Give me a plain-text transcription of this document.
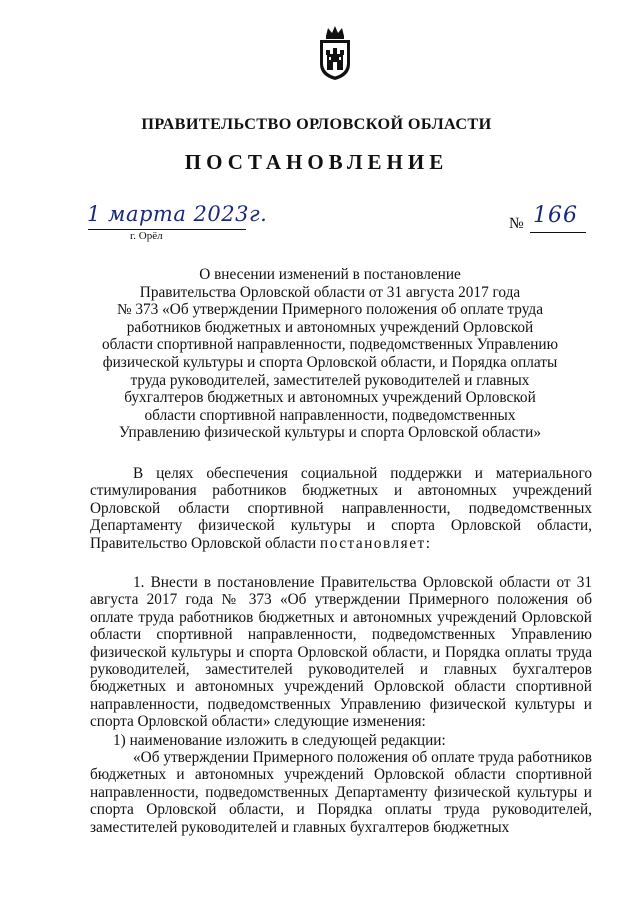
ПРАВИТЕЛЬСТВО ОРЛОВСКОЙ ОБЛАСТИ
ПОСТАНОВЛЕНИЕ
1 марта 2023г.
г. Орёл
№ 166
О внесении изменений в постановление
Правительства Орловской области от 31 августа 2017 года
№ 373 «Об утверждении Примерного положения об оплате труда
работников бюджетных и автономных учреждений Орловской
области спортивной направленности, подведомственных Управлению
физической культуры и спорта Орловской области, и Порядка оплаты
труда руководителей, заместителей руководителей и главных
бухгалтеров бюджетных и автономных учреждений Орловской
области спортивной направленности, подведомственных
Управлению физической культуры и спорта Орловской области»
В целях обеспечения социальной поддержки и материального стимулирования работников бюджетных и автономных учреждений Орловской области спортивной направленности, подведомственных Департаменту физической культуры и спорта Орловской области, Правительство Орловской области постановляет:
1. Внести в постановление Правительства Орловской области от 31 августа 2017 года № 373 «Об утверждении Примерного положения об оплате труда работников бюджетных и автономных учреждений Орловской области спортивной направленности, подведомственных Управлению физической культуры и спорта Орловской области, и Порядка оплаты труда руководителей, заместителей руководителей и главных бухгалтеров бюджетных и автономных учреждений Орловской области спортивной направленности, подведомственных Управлению физической культуры и спорта Орловской области» следующие изменения:
1) наименование изложить в следующей редакции:
«Об утверждении Примерного положения об оплате труда работников бюджетных и автономных учреждений Орловской области спортивной направленности, подведомственных Департаменту физической культуры и спорта Орловской области, и Порядка оплаты труда руководителей, заместителей руководителей и главных бухгалтеров бюджетных
